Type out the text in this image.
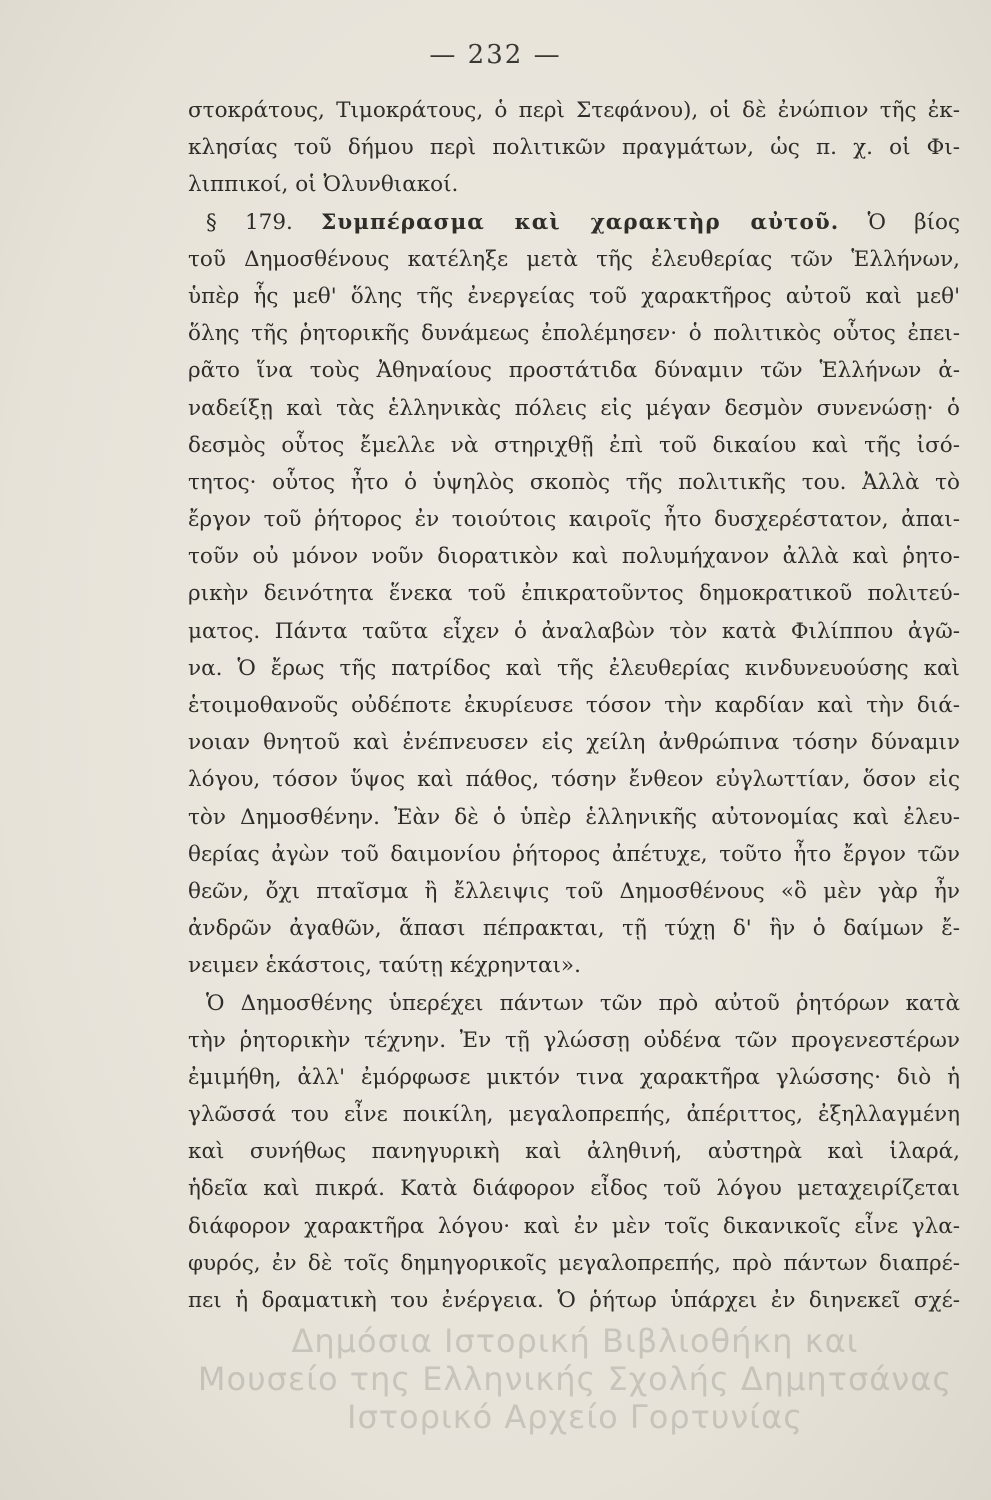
— 232 —
στοκράτους, Τιμοκράτους, ὁ περὶ Στεφάνου), οἱ δὲ ἐνώπιον τῆς ἐκ-
κλησίας τοῦ δήμου περὶ πολιτικῶν πραγμάτων, ὡς π. χ. οἱ Φι-
λιππικοί, οἱ Ὀλυνθιακοί.
§ 179. Συμπέρασμα καὶ χαρακτὴρ αὐτοῦ. Ὁ βίος
τοῦ Δημοσθένους κατέληξε μετὰ τῆς ἐλευθερίας τῶν Ἑλλήνων,
ὑπὲρ ἧς μεθ' ὅλης τῆς ἐνεργείας τοῦ χαρακτῆρος αὐτοῦ καὶ μεθ'
ὅλης τῆς ῥητορικῆς δυνάμεως ἐπολέμησεν· ὁ πολιτικὸς οὗτος ἐπει-
ρᾶτο ἵνα τοὺς Ἀθηναίους προστάτιδα δύναμιν τῶν Ἑλλήνων ἀ-
ναδείξῃ καὶ τὰς ἑλληνικὰς πόλεις εἰς μέγαν δεσμὸν συνενώσῃ· ὁ
δεσμὸς οὗτος ἔμελλε νὰ στηριχθῇ ἐπὶ τοῦ δικαίου καὶ τῆς ἰσό-
τητος· οὗτος ἦτο ὁ ὑψηλὸς σκοπὸς τῆς πολιτικῆς του. Ἀλλὰ τὸ
ἔργον τοῦ ῥήτορος ἐν τοιούτοις καιροῖς ἦτο δυσχερέστατον, ἀπαι-
τοῦν οὐ μόνον νοῦν διορατικὸν καὶ πολυμήχανον ἀλλὰ καὶ ῥητο-
ρικὴν δεινότητα ἕνεκα τοῦ ἐπικρατοῦντος δημοκρατικοῦ πολιτεύ-
ματος. Πάντα ταῦτα εἶχεν ὁ ἀναλαβὼν τὸν κατὰ Φιλίππου ἀγῶ-
να. Ὁ ἔρως τῆς πατρίδος καὶ τῆς ἐλευθερίας κινδυνευούσης καὶ
ἑτοιμοθανοῦς οὐδέποτε ἐκυρίευσε τόσον τὴν καρδίαν καὶ τὴν διά-
νοιαν θνητοῦ καὶ ἐνέπνευσεν εἰς χείλη ἀνθρώπινα τόσην δύναμιν
λόγου, τόσον ὕψος καὶ πάθος, τόσην ἔνθεον εὐγλωττίαν, ὅσον εἰς
τὸν Δημοσθένην. Ἐὰν δὲ ὁ ὑπὲρ ἑλληνικῆς αὐτονομίας καὶ ἐλευ-
θερίας ἀγὼν τοῦ δαιμονίου ῥήτορος ἀπέτυχε, τοῦτο ἦτο ἔργον τῶν
θεῶν, ὄχι πταῖσμα ἢ ἔλλειψις τοῦ Δημοσθένους «ὃ μὲν γὰρ ἦν
ἀνδρῶν ἀγαθῶν, ἅπασι πέπρακται, τῇ τύχῃ δ' ἣν ὁ δαίμων ἔ-
νειμεν ἑκάστοις, ταύτῃ κέχρηνται».
Ὁ Δημοσθένης ὑπερέχει πάντων τῶν πρὸ αὐτοῦ ῥητόρων κατὰ
τὴν ῥητορικὴν τέχνην. Ἐν τῇ γλώσσῃ οὐδένα τῶν προγενεστέρων
ἐμιμήθη, ἀλλ' ἐμόρφωσε μικτόν τινα χαρακτῆρα γλώσσης· διὸ ἡ
γλῶσσά του εἶνε ποικίλη, μεγαλοπρεπής, ἀπέριττος, ἐξηλλαγμένη
καὶ συνήθως πανηγυρικὴ καὶ ἀληθινή, αὐστηρὰ καὶ ἱλαρά,
ἡδεῖα καὶ πικρά. Κατὰ διάφορον εἶδος τοῦ λόγου μεταχειρίζεται
διάφορον χαρακτῆρα λόγου· καὶ ἐν μὲν τοῖς δικανικοῖς εἶνε γλα-
φυρός, ἐν δὲ τοῖς δημηγορικοῖς μεγαλοπρεπής, πρὸ πάντων διαπρέ-
πει ἡ δραματικὴ του ἐνέργεια. Ὁ ῥήτωρ ὑπάρχει ἐν διηνεκεῖ σχέ-
Δημόσια Ιστορική Βιβλιοθήκη και
Μουσείο της Ελληνικής Σχολής Δημητσάνας
Ιστορικό Αρχείο Γορτυνίας
